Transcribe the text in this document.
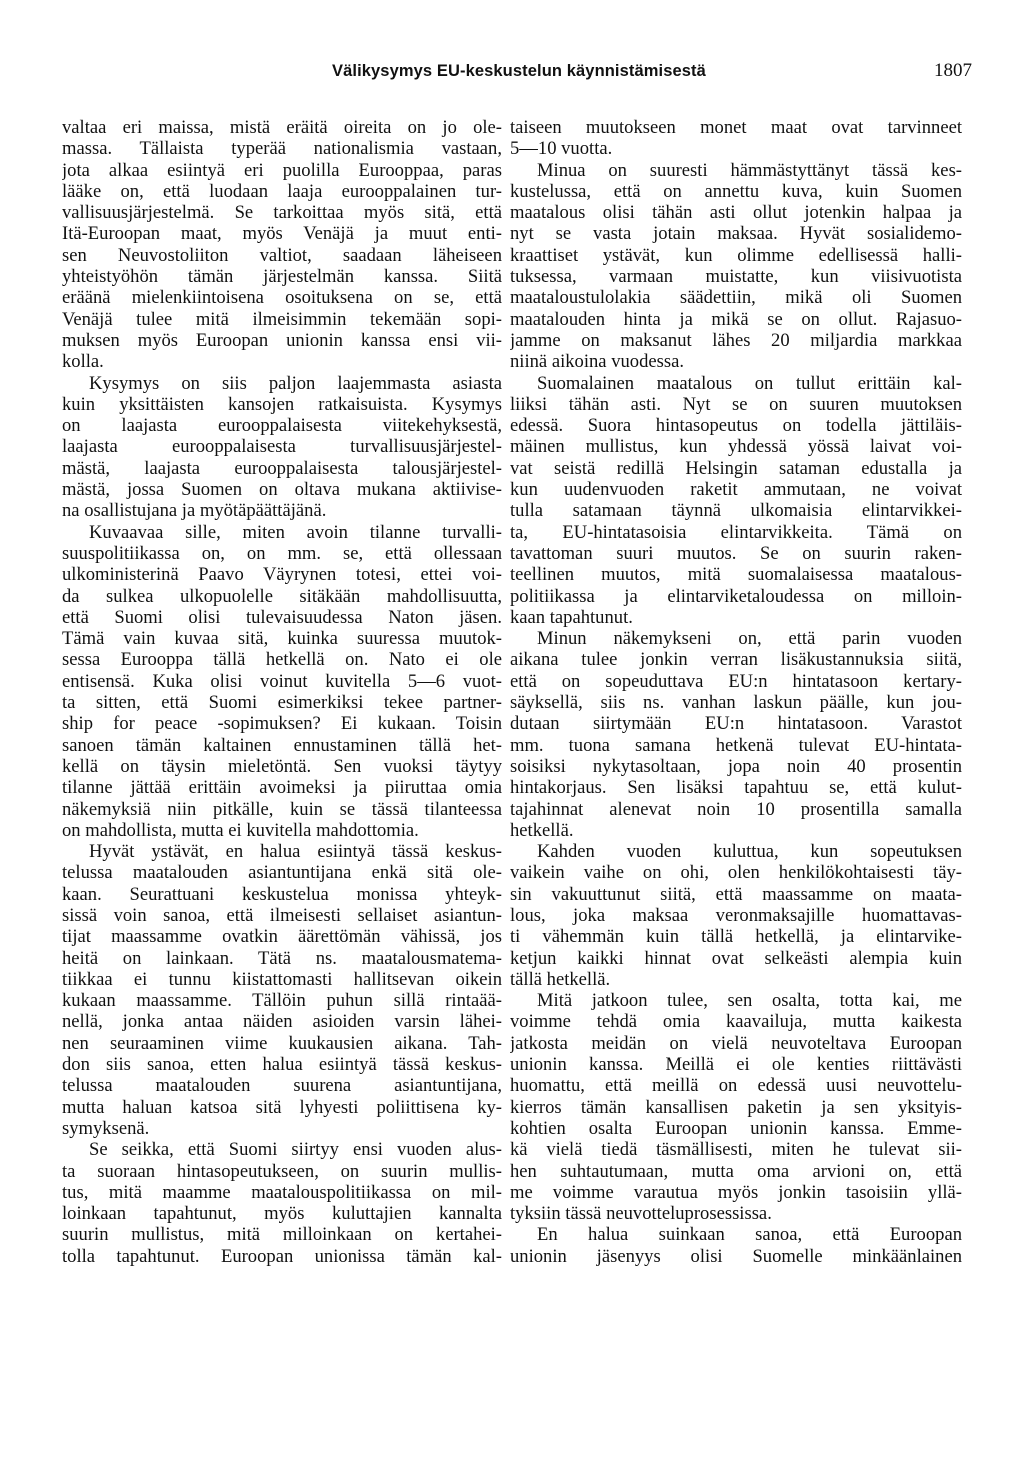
Välikysymys EU-keskustelun käynnistämisestä	1807
valtaa eri maissa, mistä eräitä oireita on jo ole-
massa. Tällaista typerää nationalismia vastaan,
jota alkaa esiintyä eri puolilla Eurooppaa, paras
lääke on, että luodaan laaja eurooppalainen tur-
vallisuusjärjestelmä. Se tarkoittaa myös sitä, että
Itä-Euroopan maat, myös Venäjä ja muut enti-
sen Neuvostoliiton valtiot, saadaan läheiseen
yhteistyöhön tämän järjestelmän kanssa. Siitä
eräänä mielenkiintoisena osoituksena on se, että
Venäjä tulee mitä ilmeisimmin tekemään sopi-
muksen myös Euroopan unionin kanssa ensi vii-
kolla.
Kysymys on siis paljon laajemmasta asiasta
kuin yksittäisten kansojen ratkaisuista. Kysymys
on laajasta eurooppalaisesta viitekehyksestä,
laajasta eurooppalaisesta turvallisuusjärjestel-
mästä, laajasta eurooppalaisesta talousjärjestel-
mästä, jossa Suomen on oltava mukana aktiivise-
na osallistujana ja myötäpäättäjänä.
Kuvaavaa sille, miten avoin tilanne turvalli-
suuspolitiikassa on, on mm. se, että ollessaan
ulkoministerinä Paavo Väyrynen totesi, ettei voi-
da sulkea ulkopuolelle sitäkään mahdollisuutta,
että Suomi olisi tulevaisuudessa Naton jäsen.
Tämä vain kuvaa sitä, kuinka suuressa muutok-
sessa Eurooppa tällä hetkellä on. Nato ei ole
entisensä. Kuka olisi voinut kuvitella 5—6 vuot-
ta sitten, että Suomi esimerkiksi tekee partner-
ship for peace -sopimuksen? Ei kukaan. Toisin
sanoen tämän kaltainen ennustaminen tällä het-
kellä on täysin mieletöntä. Sen vuoksi täytyy
tilanne jättää erittäin avoimeksi ja piiruttaa omia
näkemyksiä niin pitkälle, kuin se tässä tilanteessa
on mahdollista, mutta ei kuvitella mahdottomia.
Hyvät ystävät, en halua esiintyä tässä keskus-
telussa maatalouden asiantuntijana enkä sitä ole-
kaan. Seurattuani keskustelua monissa yhteyk-
sissä voin sanoa, että ilmeisesti sellaiset asiantun-
tijat maassamme ovatkin äärettömän vähissä, jos
heitä on lainkaan. Tätä ns. maatalousmatema-
tiikkaa ei tunnu kiistattomasti hallitsevan oikein
kukaan maassamme. Tällöin puhun sillä rintaää-
nellä, jonka antaa näiden asioiden varsin lähei-
nen seuraaminen viime kuukausien aikana. Tah-
don siis sanoa, etten halua esiintyä tässä keskus-
telussa maatalouden suurena asiantuntijana,
mutta haluan katsoa sitä lyhyesti poliittisena ky-
symyksenä.
Se seikka, että Suomi siirtyy ensi vuoden alus-
ta suoraan hintasopeutukseen, on suurin mullis-
tus, mitä maamme maatalouspolitiikassa on mil-
loinkaan tapahtunut, myös kuluttajien kannalta
suurin mullistus, mitä milloinkaan on kertahei-
tolla tapahtunut. Euroopan unionissa tämän kal-
taiseen muutokseen monet maat ovat tarvinneet
5—10 vuotta.
Minua on suuresti hämmästyttänyt tässä kes-
kustelussa, että on annettu kuva, kuin Suomen
maatalous olisi tähän asti ollut jotenkin halpaa ja
nyt se vasta jotain maksaa. Hyvät sosialidemo-
kraattiset ystävät, kun olimme edellisessä halli-
tuksessa, varmaan muistatte, kun viisivuotista
maataloustulolakia säädettiin, mikä oli Suomen
maatalouden hinta ja mikä se on ollut. Rajasuo-
jamme on maksanut lähes 20 miljardia markkaa
niinä aikoina vuodessa.
Suomalainen maatalous on tullut erittäin kal-
liiksi tähän asti. Nyt se on suuren muutoksen
edessä. Suora hintasopeutus on todella jättiläis-
mäinen mullistus, kun yhdessä yössä laivat voi-
vat seistä redillä Helsingin sataman edustalla ja
kun uudenvuoden raketit ammutaan, ne voivat
tulla satamaan täynnä ulkomaisia elintarvikkei-
ta, EU-hintatasoisia elintarvikkeita. Tämä on
tavattoman suuri muutos. Se on suurin raken-
teellinen muutos, mitä suomalaisessa maatalous-
politiikassa ja elintarviketaloudessa on milloin-
kaan tapahtunut.
Minun näkemykseni on, että parin vuoden
aikana tulee jonkin verran lisäkustannuksia siitä,
että on sopeuduttava EU:n hintatasoon kertary-
säyksellä, siis ns. vanhan laskun päälle, kun jou-
dutaan siirtymään EU:n hintatasoon. Varastot
mm. tuona samana hetkenä tulevat EU-hintata-
soisiksi nykytasoltaan, jopa noin 40 prosentin
hintakorjaus. Sen lisäksi tapahtuu se, että kulut-
tajahinnat alenevat noin 10 prosentilla samalla
hetkellä.
Kahden vuoden kuluttua, kun sopeutuksen
vaikein vaihe on ohi, olen henkilökohtaisesti täy-
sin vakuuttunut siitä, että maassamme on maata-
lous, joka maksaa veronmaksajille huomattavas-
ti vähemmän kuin tällä hetkellä, ja elintarvike-
ketjun kaikki hinnat ovat selkeästi alempia kuin
tällä hetkellä.
Mitä jatkoon tulee, sen osalta, totta kai, me
voimme tehdä omia kaavailuja, mutta kaikesta
jatkosta meidän on vielä neuvoteltava Euroopan
unionin kanssa. Meillä ei ole kenties riittävästi
huomattu, että meillä on edessä uusi neuvottelu-
kierros tämän kansallisen paketin ja sen yksityis-
kohtien osalta Euroopan unionin kanssa. Emme-
kä vielä tiedä täsmällisesti, miten he tulevat sii-
hen suhtautumaan, mutta oma arvioni on, että
me voimme varautua myös jonkin tasoisiin yllä-
tyksiin tässä neuvotteluprosessissa.
En halua suinkaan sanoa, että Euroopan
unionin jäsenyys olisi Suomelle minkäänlainen
